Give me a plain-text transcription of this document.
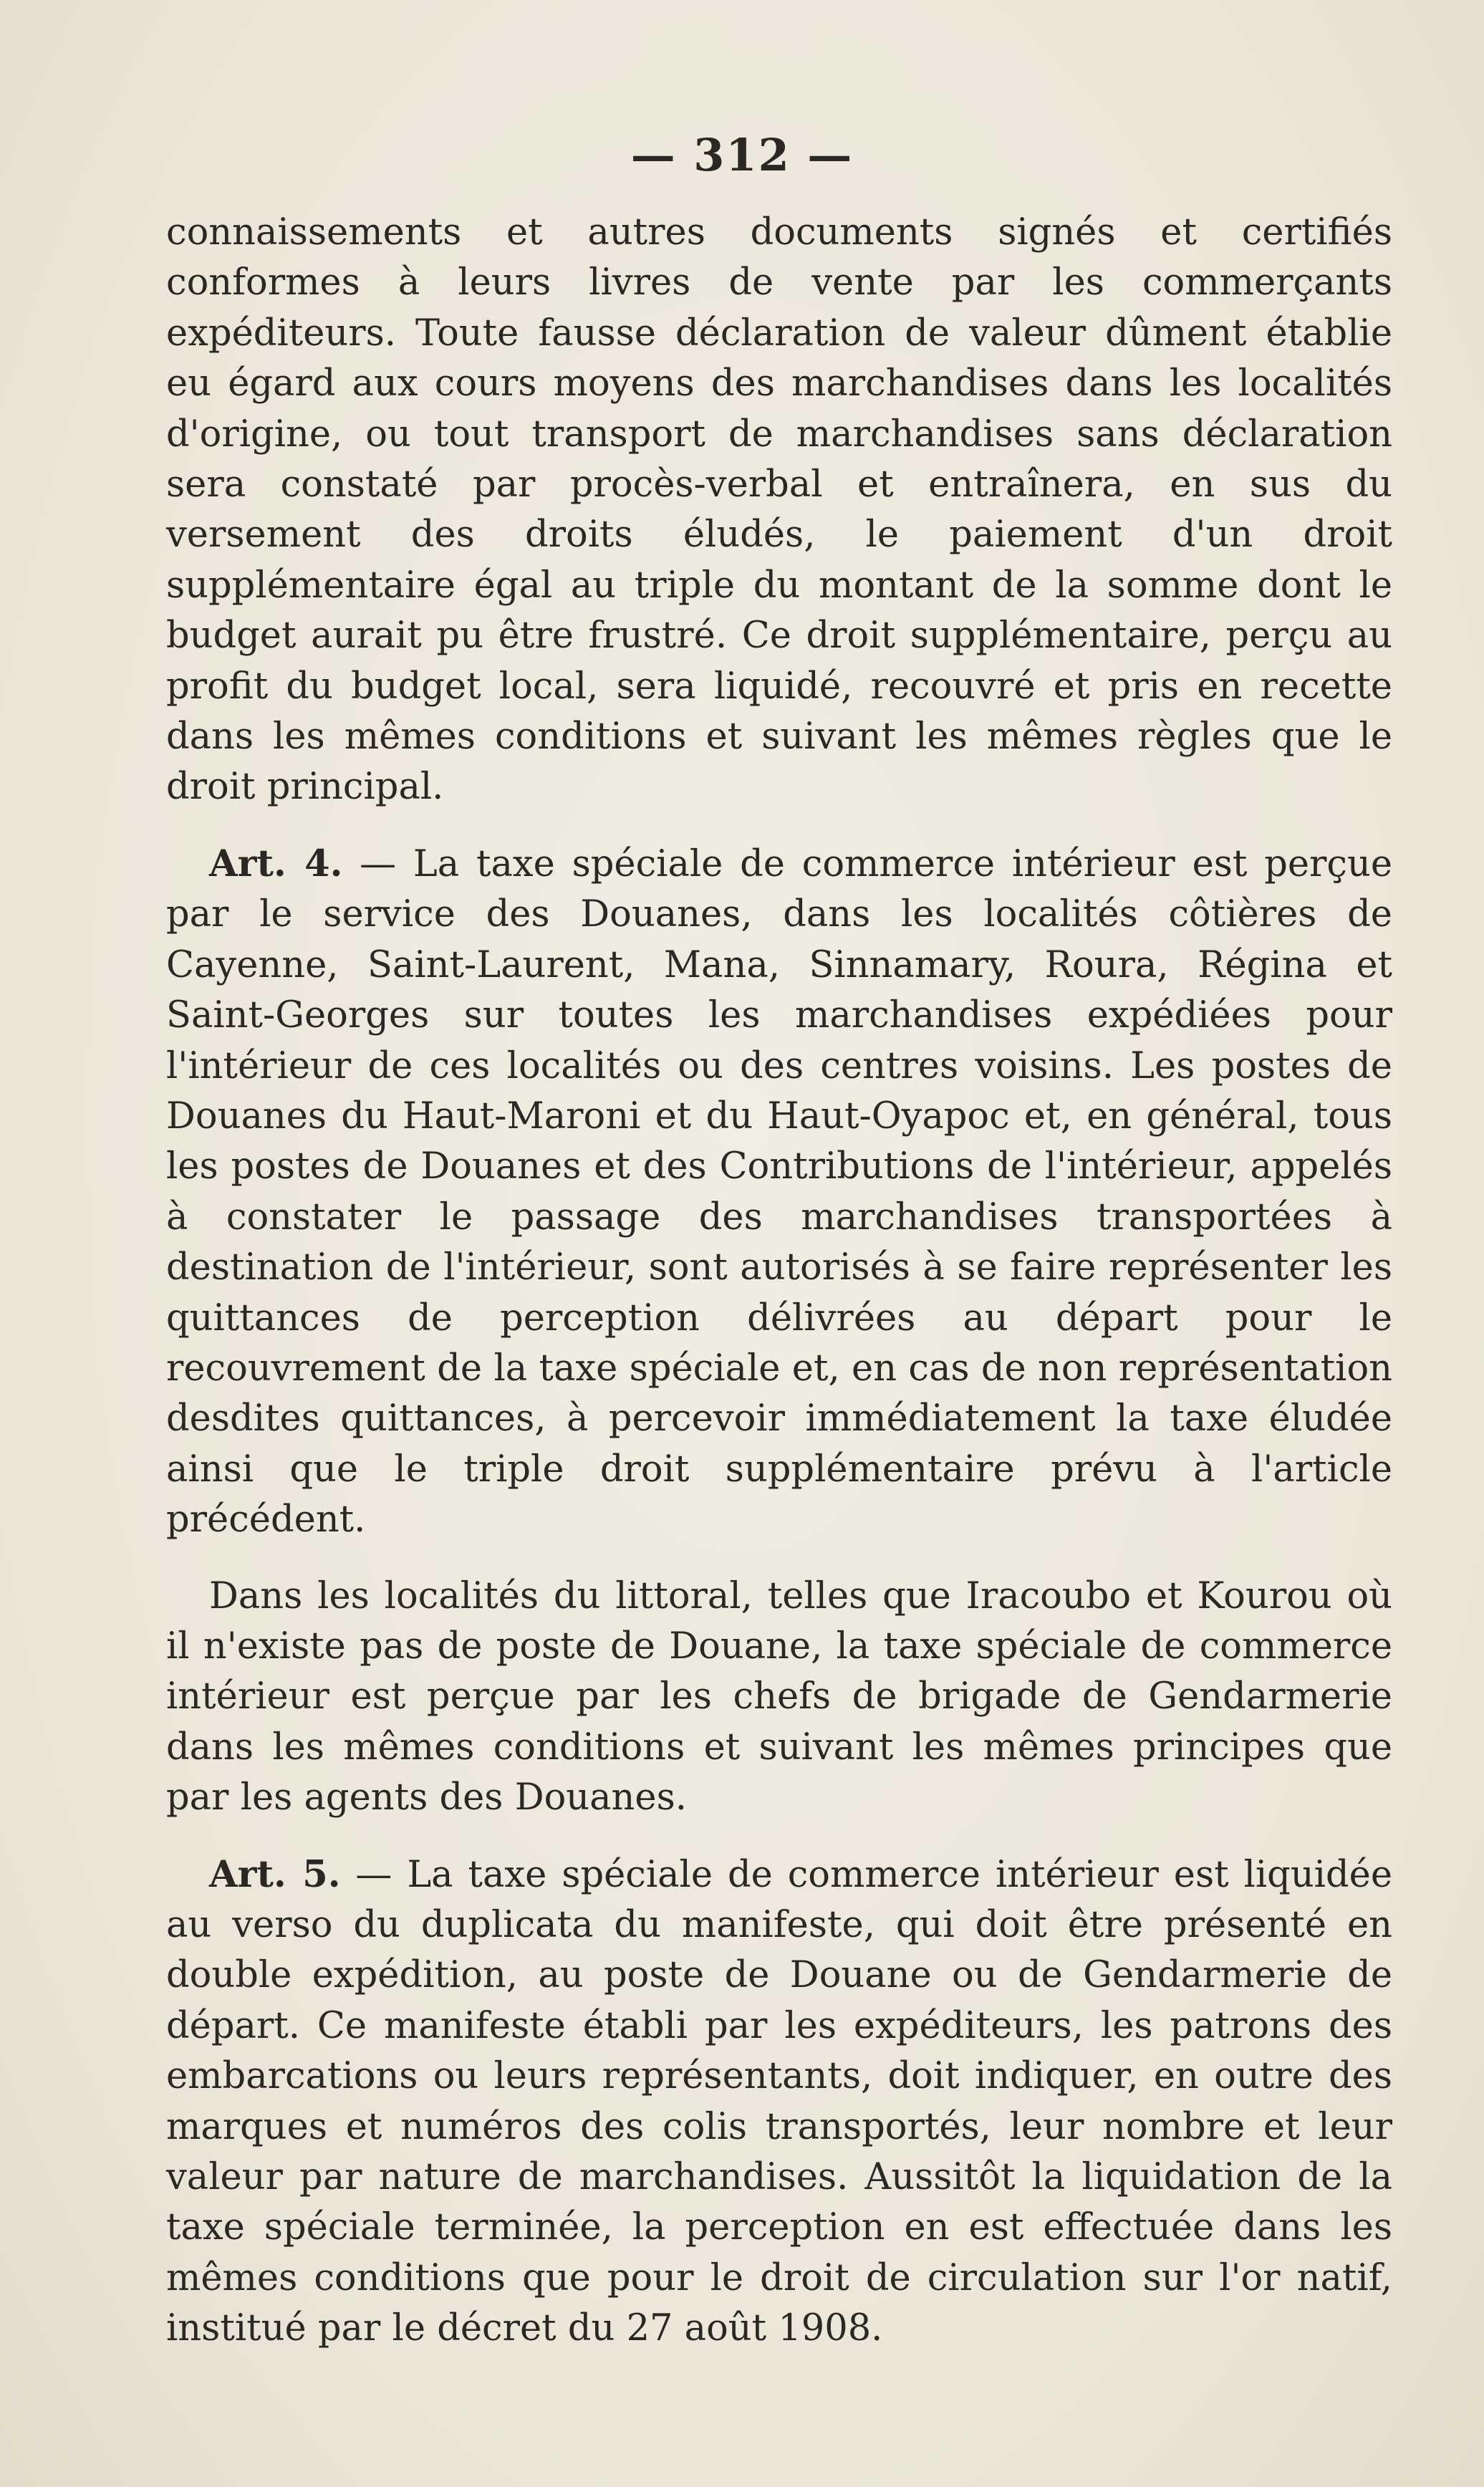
— 312 —

connaissements et autres documents signés et certifiés conformes à leurs livres de vente par les commerçants expéditeurs. Toute fausse déclaration de valeur dûment établie eu égard aux cours moyens des marchandises dans les localités d'origine, ou tout transport de marchandises sans déclaration sera constaté par procès-verbal et entraînera, en sus du versement des droits éludés, le paiement d'un droit supplémentaire égal au triple du montant de la somme dont le budget aurait pu être frustré. Ce droit supplémentaire, perçu au profit du budget local, sera liquidé, recouvré et pris en recette dans les mêmes conditions et suivant les mêmes règles que le droit principal.

Art. 4. — La taxe spéciale de commerce intérieur est perçue par le service des Douanes, dans les localités côtières de Cayenne, Saint-Laurent, Mana, Sinnamary, Roura, Régina et Saint-Georges sur toutes les marchandises expédiées pour l'intérieur de ces localités ou des centres voisins. Les postes de Douanes du Haut-Maroni et du Haut-Oyapoc et, en général, tous les postes de Douanes et des Contributions de l'intérieur, appelés à constater le passage des marchandises transportées à destination de l'intérieur, sont autorisés à se faire représenter les quittances de perception délivrées au départ pour le recouvrement de la taxe spéciale et, en cas de non représentation desdites quittances, à percevoir immédiatement la taxe éludée ainsi que le triple droit supplémentaire prévu à l'article précédent.

Dans les localités du littoral, telles que Iracoubo et Kourou où il n'existe pas de poste de Douane, la taxe spéciale de commerce intérieur est perçue par les chefs de brigade de Gendarmerie dans les mêmes conditions et suivant les mêmes principes que par les agents des Douanes.

Art. 5. — La taxe spéciale de commerce intérieur est liquidée au verso du duplicata du manifeste, qui doit être présenté en double expédition, au poste de Douane ou de Gendarmerie de départ. Ce manifeste établi par les expéditeurs, les patrons des embarcations ou leurs représentants, doit indiquer, en outre des marques et numéros des colis transportés, leur nombre et leur valeur par nature de marchandises. Aussitôt la liquidation de la taxe spéciale terminée, la perception en est effectuée dans les mêmes conditions que pour le droit de circulation sur l'or natif, institué par le décret du 27 août 1908.
